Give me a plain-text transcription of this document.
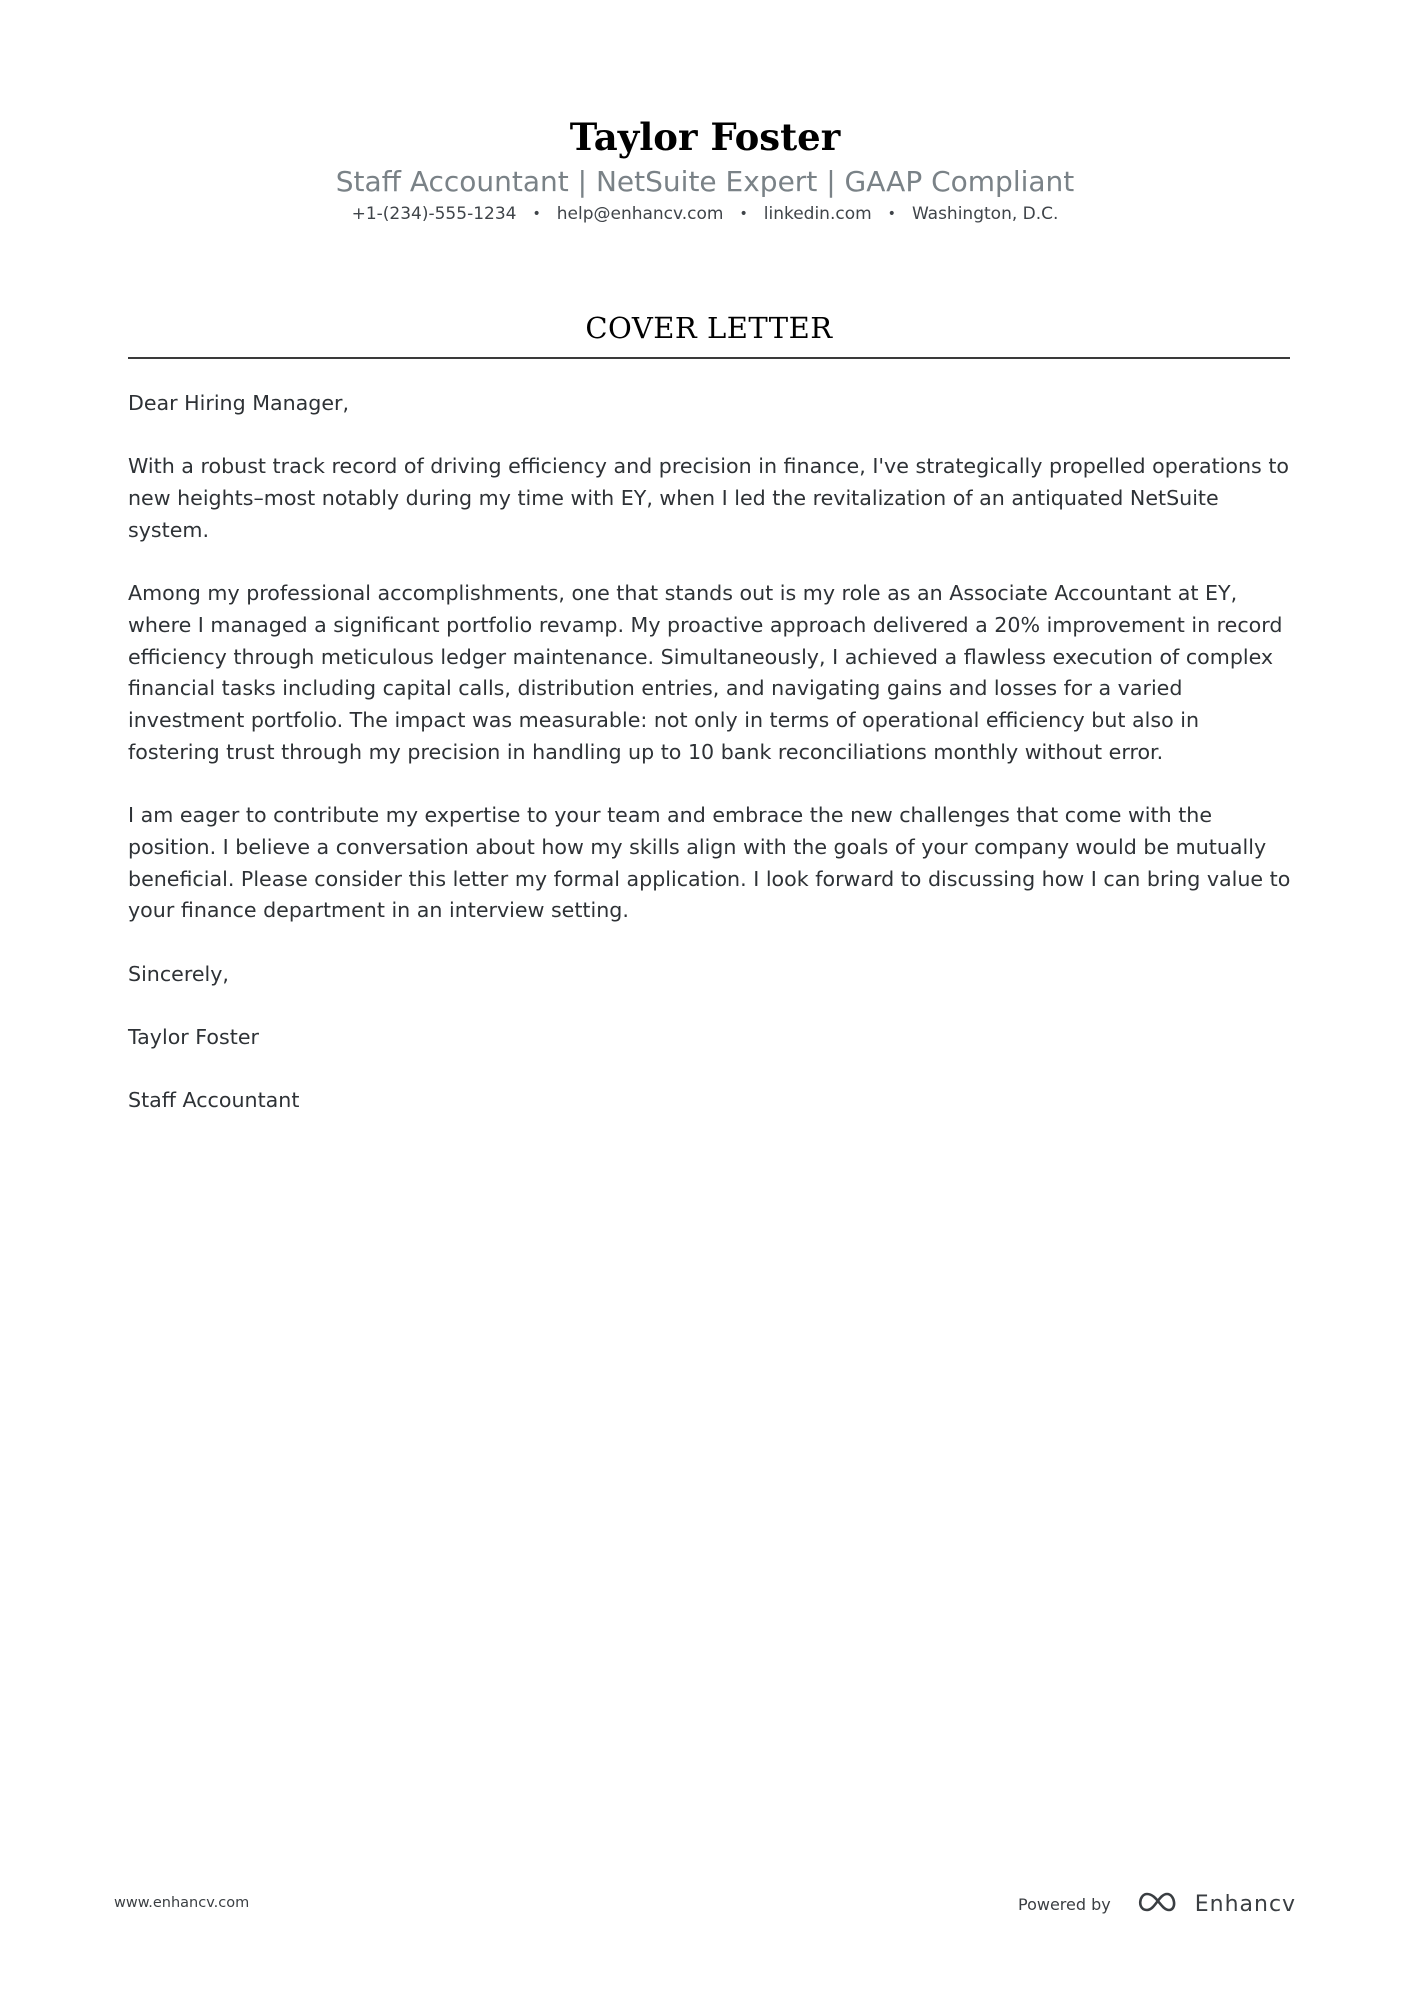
Taylor Foster
Staff Accountant | NetSuite Expert | GAAP Compliant
+1-(234)-555-1234 • help@enhancv.com • linkedin.com • Washington, D.C.
COVER LETTER

Dear Hiring Manager,

With a robust track record of driving efficiency and precision in finance, I've strategically propelled operations to new heights–most notably during my time with EY, when I led the revitalization of an antiquated NetSuite system.

Among my professional accomplishments, one that stands out is my role as an Associate Accountant at EY, where I managed a significant portfolio revamp. My proactive approach delivered a 20% improvement in record efficiency through meticulous ledger maintenance. Simultaneously, I achieved a flawless execution of complex financial tasks including capital calls, distribution entries, and navigating gains and losses for a varied investment portfolio. The impact was measurable: not only in terms of operational efficiency but also in fostering trust through my precision in handling up to 10 bank reconciliations monthly without error.

I am eager to contribute my expertise to your team and embrace the new challenges that come with the position. I believe a conversation about how my skills align with the goals of your company would be mutually beneficial. Please consider this letter my formal application. I look forward to discussing how I can bring value to your finance department in an interview setting.

Sincerely,

Taylor Foster

Staff Accountant

www.enhancv.com	Powered by	Enhancv
